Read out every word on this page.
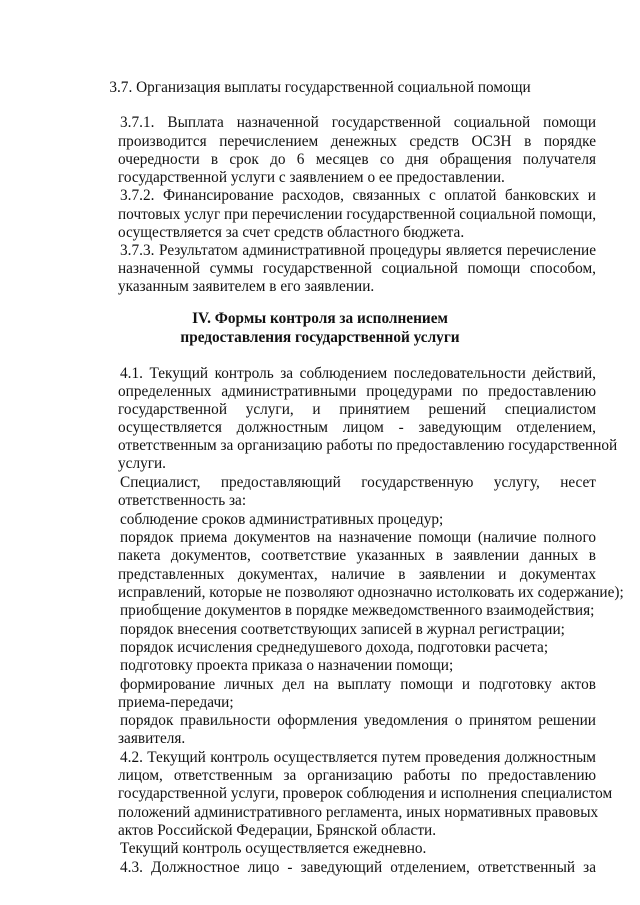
3.7. Организация выплаты государственной социальной помощи
3.7.1. Выплата назначенной государственной социальной помощи
производится перечислением денежных средств ОСЗН в порядке
очередности в срок до 6 месяцев со дня обращения получателя
государственной услуги с заявлением о ее предоставлении.
3.7.2. Финансирование расходов, связанных с оплатой банковских и
почтовых услуг при перечислении государственной социальной помощи,
осуществляется за счет средств областного бюджета.
3.7.3. Результатом административной процедуры является перечисление
назначенной суммы государственной социальной помощи способом,
указанным заявителем в его заявлении.
IV. Формы контроля за исполнением
предоставления государственной услуги
4.1. Текущий контроль за соблюдением последовательности действий,
определенных административными процедурами по предоставлению
государственной услуги, и принятием решений специалистом
осуществляется должностным лицом - заведующим отделением,
ответственным за организацию работы по предоставлению государственной
услуги.
Специалист, предоставляющий государственную услугу, несет
ответственность за:
соблюдение сроков административных процедур;
порядок приема документов на назначение помощи (наличие полного
пакета документов, соответствие указанных в заявлении данных в
представленных документах, наличие в заявлении и документах
исправлений, которые не позволяют однозначно истолковать их содержание);
приобщение документов в порядке межведомственного взаимодействия;
порядок внесения соответствующих записей в журнал регистрации;
порядок исчисления среднедушевого дохода, подготовки расчета;
подготовку проекта приказа о назначении помощи;
формирование личных дел на выплату помощи и подготовку актов
приема-передачи;
порядок правильности оформления уведомления о принятом решении
заявителя.
4.2. Текущий контроль осуществляется путем проведения должностным
лицом, ответственным за организацию работы по предоставлению
государственной услуги, проверок соблюдения и исполнения специалистом
положений административного регламента, иных нормативных правовых
актов Российской Федерации, Брянской области.
Текущий контроль осуществляется ежедневно.
4.3. Должностное лицо - заведующий отделением, ответственный за
